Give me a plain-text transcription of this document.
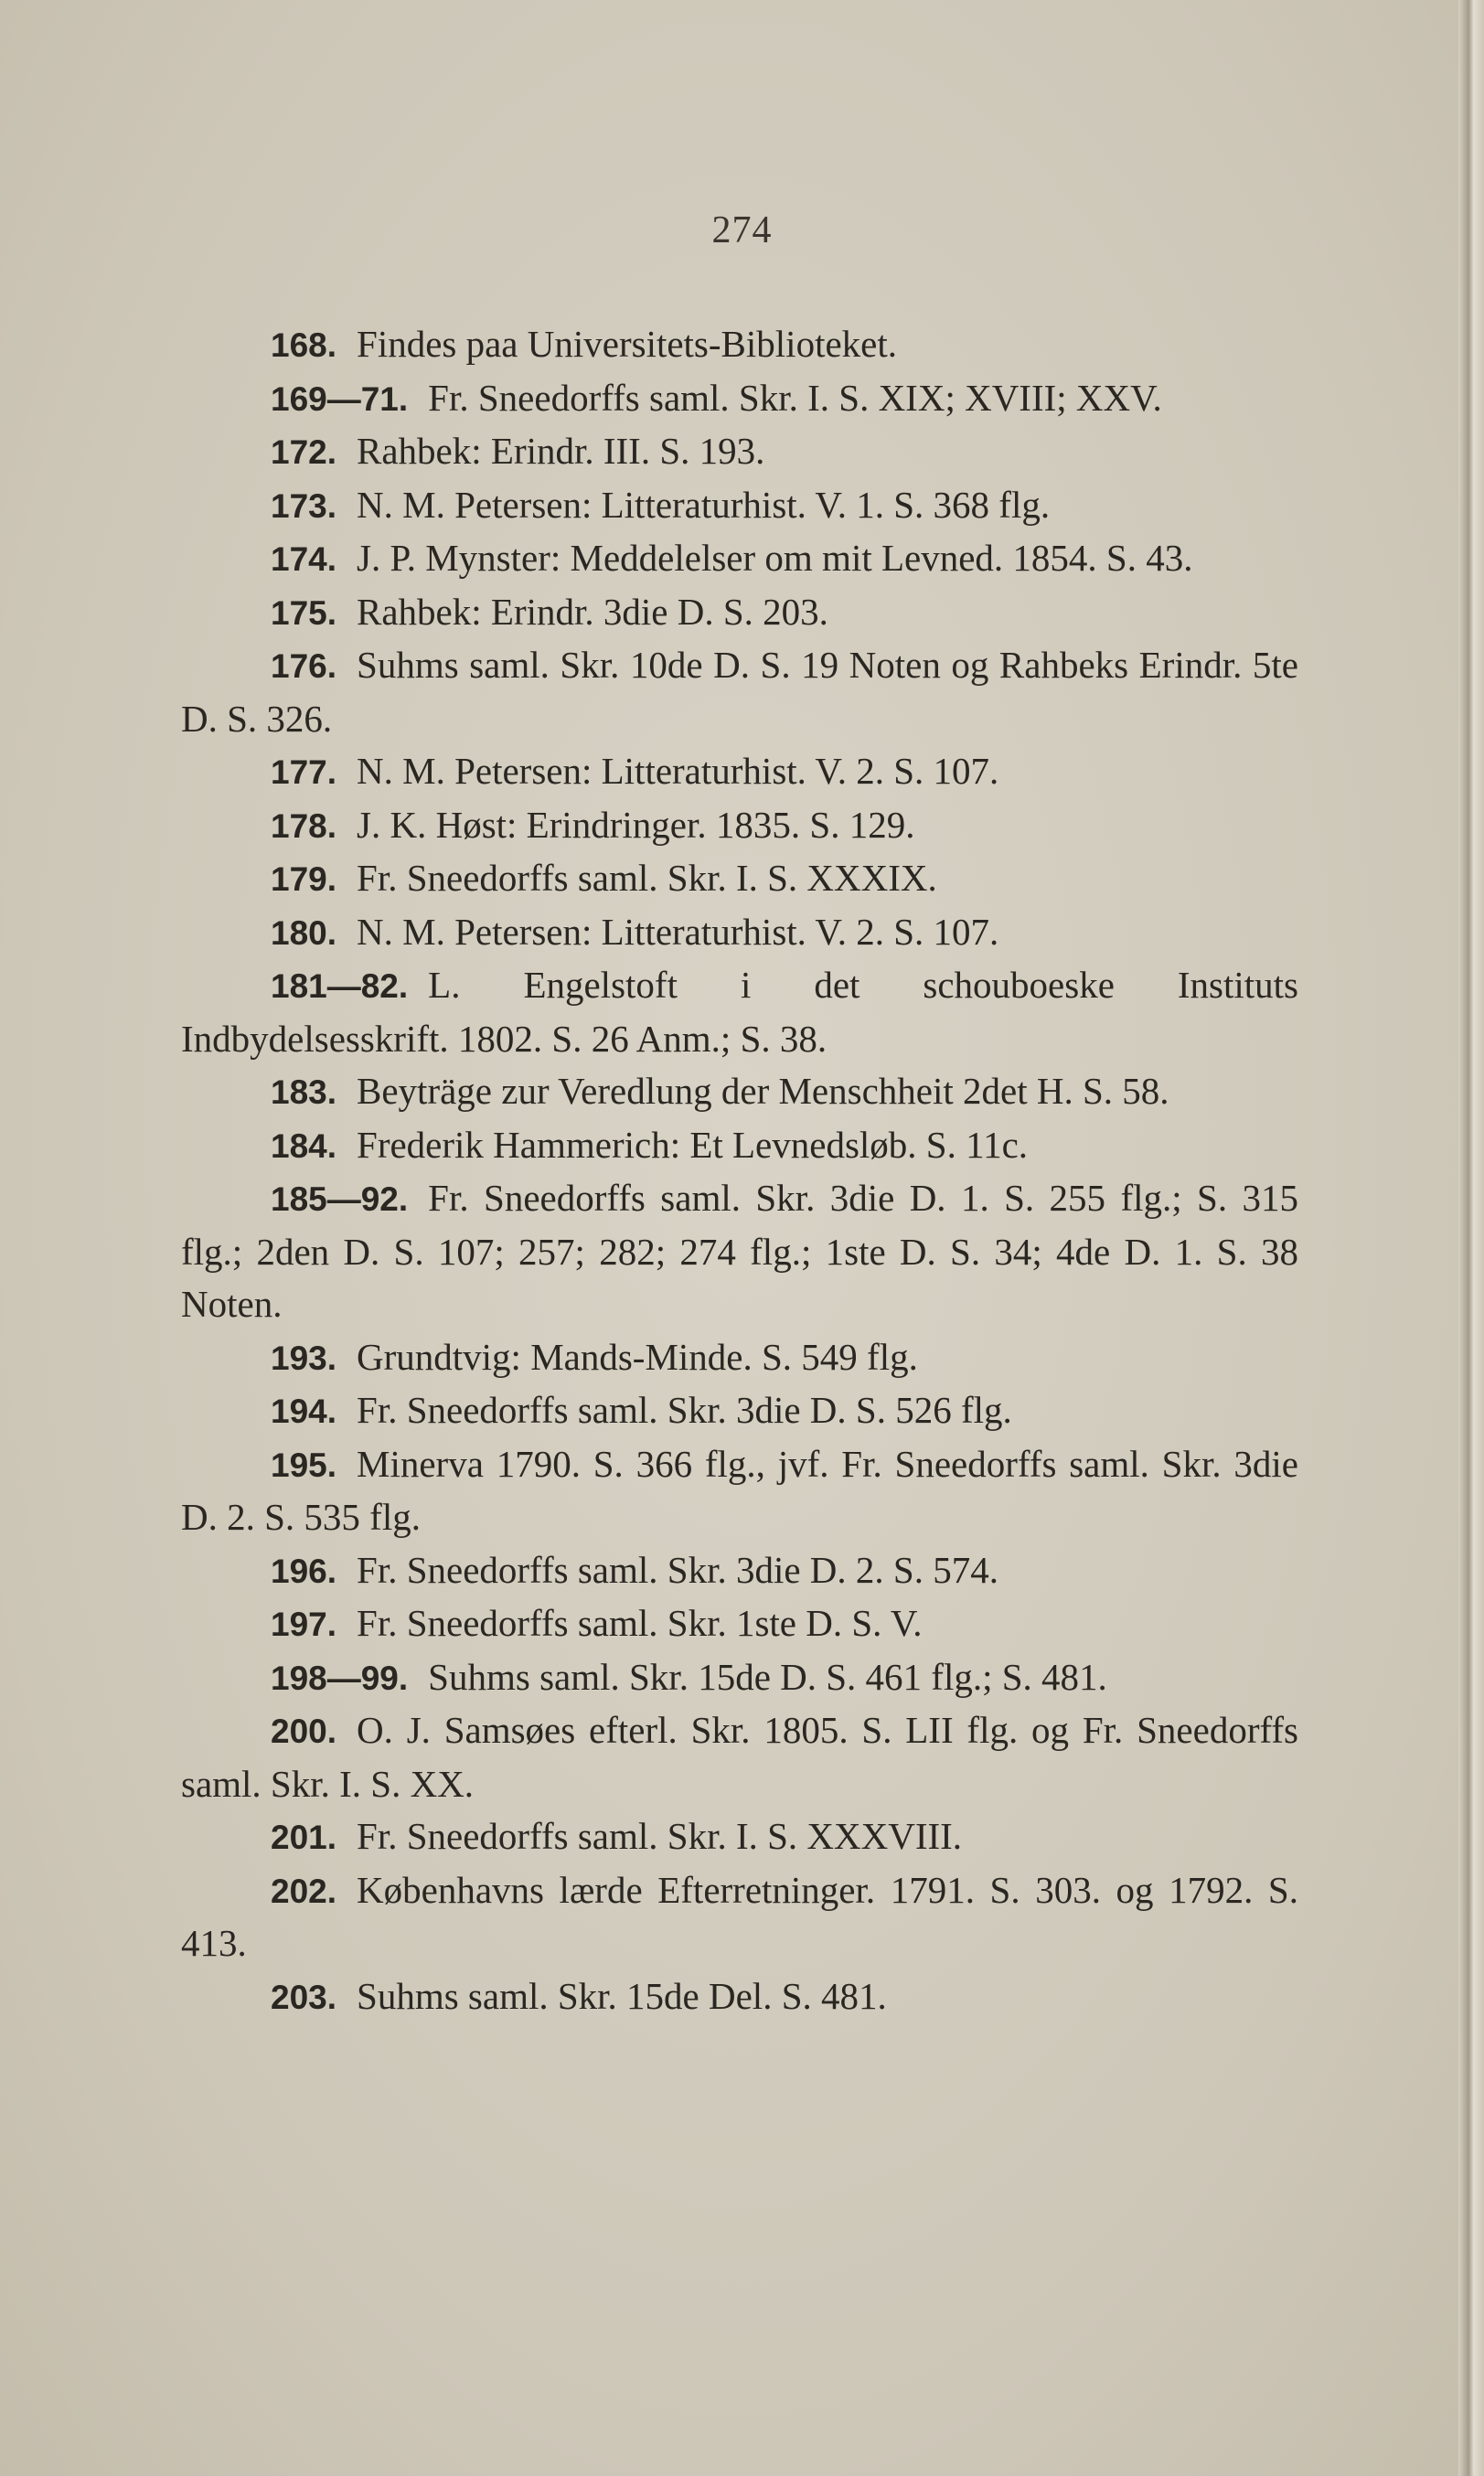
274

168. Findes paa Universitets-Biblioteket.

169—71. Fr. Sneedorffs saml. Skr. I. S. XIX; XVIII; XXV.

172. Rahbek: Erindr. III. S. 193.

173. N. M. Petersen: Litteraturhist. V. 1. S. 368 flg.

174. J. P. Mynster: Meddelelser om mit Levned. 1854. S. 43.

175. Rahbek: Erindr. 3die D. S. 203.

176. Suhms saml. Skr. 10de D. S. 19 Noten og Rahbeks Erindr. 5te D. S. 326.

177. N. M. Petersen: Litteraturhist. V. 2. S. 107.

178. J. K. Høst: Erindringer. 1835. S. 129.

179. Fr. Sneedorffs saml. Skr. I. S. XXXIX.

180. N. M. Petersen: Litteraturhist. V. 2. S. 107.

181—82. L. Engelstoft i det schouboeske Instituts Indbydelsesskrift. 1802. S. 26 Anm.; S. 38.

183. Beyträge zur Veredlung der Menschheit 2det H. S. 58.

184. Frederik Hammerich: Et Levnedsløb. S. 11c.

185—92. Fr. Sneedorffs saml. Skr. 3die D. 1. S. 255 flg.; S. 315 flg.; 2den D. S. 107; 257; 282; 274 flg.; 1ste D. S. 34; 4de D. 1. S. 38 Noten.

193. Grundtvig: Mands-Minde. S. 549 flg.

194. Fr. Sneedorffs saml. Skr. 3die D. S. 526 flg.

195. Minerva 1790. S. 366 flg., jvf. Fr. Sneedorffs saml. Skr. 3die D. 2. S. 535 flg.

196. Fr. Sneedorffs saml. Skr. 3die D. 2. S. 574.

197. Fr. Sneedorffs saml. Skr. 1ste D. S. V.

198—99. Suhms saml. Skr. 15de D. S. 461 flg.; S. 481.

200. O. J. Samsøes efterl. Skr. 1805. S. LII flg. og Fr. Sneedorffs saml. Skr. I. S. XX.

201. Fr. Sneedorffs saml. Skr. I. S. XXXVIII.

202. Københavns lærde Efterretninger. 1791. S. 303. og 1792. S. 413.

203. Suhms saml. Skr. 15de Del. S. 481.
